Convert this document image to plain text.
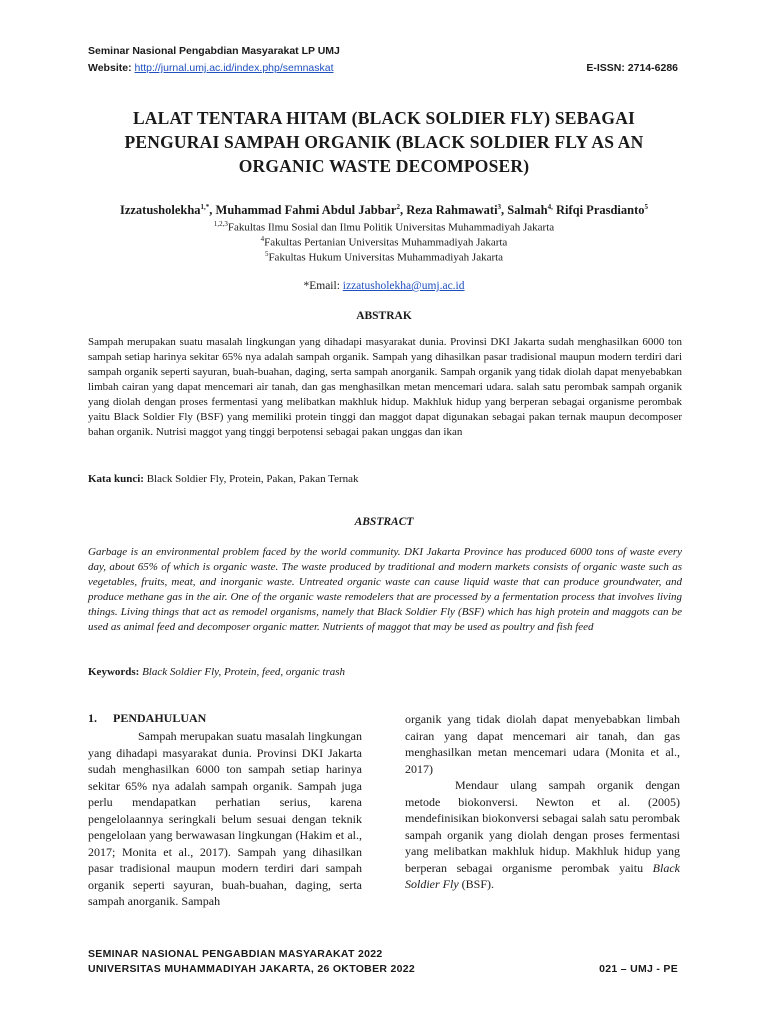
Seminar Nasional Pengabdian Masyarakat LP UMJ
Website: http://jurnal.umj.ac.id/index.php/semnaskat	E-ISSN: 2714-6286
LALAT TENTARA HITAM (BLACK SOLDIER FLY) SEBAGAI
PENGURAI SAMPAH ORGANIK (BLACK SOLDIER FLY AS AN
ORGANIC WASTE DECOMPOSER)
Izzatusholekha$^{1,*}$, Muhammad Fahmi Abdul Jabbar$^2$, Reza Rahmawati$^3$, Salmah$^{4,}$ Rifqi Prasdianto$^5$
$^{1,2,3}$Fakultas Ilmu Sosial dan Ilmu Politik Universitas Muhammadiyah Jakarta
$^4$Fakultas Pertanian Universitas Muhammadiyah Jakarta
$^5$Fakultas Hukum Universitas Muhammadiyah Jakarta
*Email: izzatusholekha@umj.ac.id
ABSTRAK
Sampah merupakan suatu masalah lingkungan yang dihadapi masyarakat dunia. Provinsi DKI Jakarta sudah menghasilkan 6000 ton sampah setiap harinya sekitar 65% nya adalah sampah organik. Sampah yang dihasilkan pasar tradisional maupun modern terdiri dari sampah organik seperti sayuran, buah-buahan, daging, serta sampah anorganik. Sampah organik yang tidak diolah dapat menyebabkan limbah cairan yang dapat mencemari air tanah, dan gas menghasilkan metan mencemari udara. salah satu perombak sampah organik yang diolah dengan proses fermentasi yang melibatkan makhluk hidup. Makhluk hidup yang berperan sebagai organisme perombak yaitu Black Soldier Fly (BSF) yang memiliki protein tinggi dan maggot dapat digunakan sebagai pakan ternak maupun decomposer bahan organik. Nutrisi maggot yang tinggi berpotensi sebagai pakan unggas dan ikan
Kata kunci: Black Soldier Fly, Protein, Pakan, Pakan Ternak
ABSTRACT
Garbage is an environmental problem faced by the world community. DKI Jakarta Province has produced 6000 tons of waste every day, about 65% of which is organic waste. The waste produced by traditional and modern markets consists of organic waste such as vegetables, fruits, meat, and inorganic waste. Untreated organic waste can cause liquid waste that can produce groundwater, and produce methane gas in the air. One of the organic waste remodelers that are processed by a fermentation process that involves living things. Living things that act as remodel organisms, namely that Black Soldier Fly (BSF) which has high protein and maggots can be used as animal feed and decomposer organic matter. Nutrients of maggot that may be used as poultry and fish feed
Keywords: Black Soldier Fly, Protein, feed, organic trash
1. PENDAHULUAN
Sampah merupakan suatu masalah lingkungan yang dihadapi masyarakat dunia. Provinsi DKI Jakarta sudah menghasilkan 6000 ton sampah setiap harinya sekitar 65% nya adalah sampah organik. Sampah juga perlu mendapatkan perhatian serius, karena pengelolaannya seringkali belum sesuai dengan teknik pengelolaan yang berwawasan lingkungan (Hakim et al., 2017; Monita et al., 2017). Sampah yang dihasilkan pasar tradisional maupun modern terdiri dari sampah organik seperti sayuran, buah-buahan, daging, serta sampah anorganik. Sampah
organik yang tidak diolah dapat menyebabkan limbah cairan yang dapat mencemari air tanah, dan gas menghasilkan metan mencemari udara (Monita et al., 2017)
Mendaur ulang sampah organik dengan metode biokonversi. Newton et al. (2005) mendefinisikan biokonversi sebagai salah satu perombak sampah organik yang diolah dengan proses fermentasi yang melibatkan makhluk hidup. Makhluk hidup yang berperan sebagai organisme perombak yaitu Black Soldier Fly (BSF).
SEMINAR NASIONAL PENGABDIAN MASYARAKAT 2022
UNIVERSITAS MUHAMMADIYAH JAKARTA, 26 OKTOBER 2022	021 – UMJ - PE
